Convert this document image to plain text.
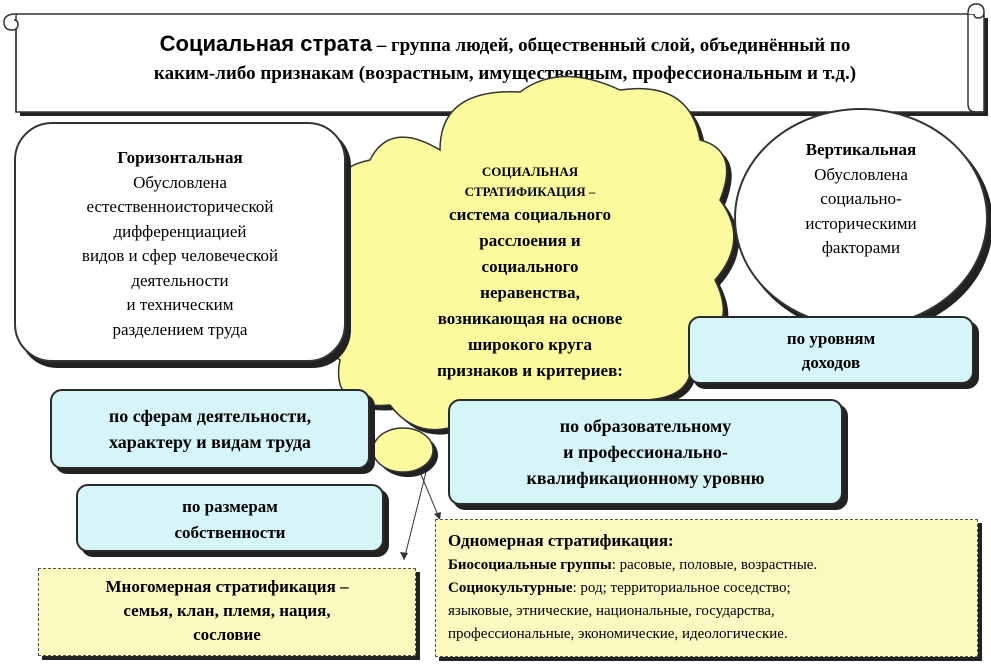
Социальная страта – группа людей, общественный слой, объединённый по
каким-либо признакам (возрастным, имущественным, профессиональным и т.д.)
СОЦИАЛЬНАЯ
СТРАТИФИКАЦИЯ –
система социального
расслоения и
социального
неравенства,
возникающая на основе
широкого круга
признаков и критериев:
Горизонтальная
Обусловлена
естественноисторической
дифференциацией
видов и сфер человеческой
деятельности
и техническим
разделением труда
Вертикальная
Обусловлена
социально-
историческими
факторами
по уровням
доходов
по сферам деятельности,
характеру и видам труда
по образовательному
и профессионально-
квалификационному уровню
по размерам
собственности
Многомерная стратификация –
семья, клан, племя, нация,
сословие
Одномерная стратификация:
Биосоциальные группы: расовые, половые, возрастные.
Социокультурные: род; территориальное соседство;
языковые, этнические, национальные, государства,
профессиональные, экономические, идеологические.
